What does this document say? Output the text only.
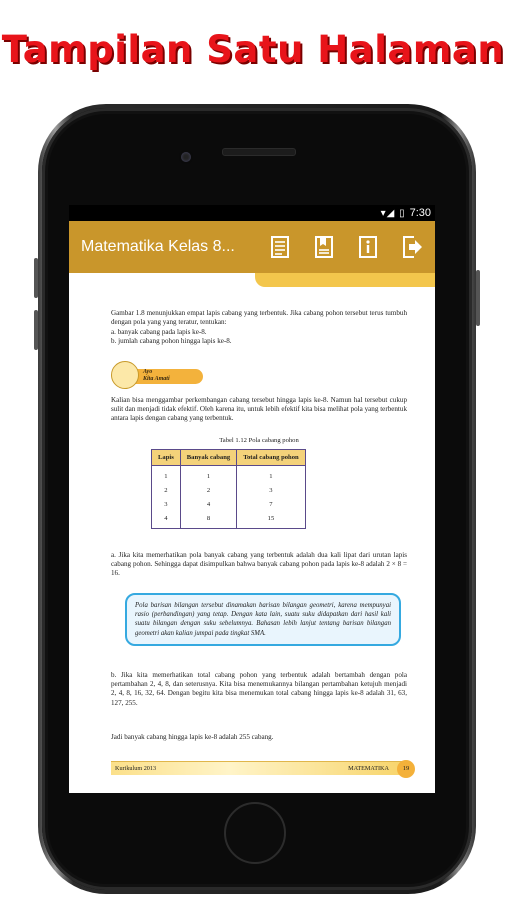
Tampilan Satu Halaman
▾◢ ▯ 7:30
Matematika Kelas 8...
Gambar 1.8 menunjukkan empat lapis cabang yang terbentuk. Jika cabang pohon tersebut terus tumbuh dengan pola yang yang teratur, tentukan:
a. banyak cabang pada lapis ke-8.
b. jumlah cabang pohon hingga lapis ke-8.
Ayo
Kita Amati
Kalian bisa menggambar perkembangan cabang tersebut hingga lapis ke-8. Namun hal tersebut cukup sulit dan menjadi tidak efektif. Oleh karena itu, untuk lebih efektif kita bisa melihat pola yang terbentuk antara lapis dengan cabang yang terbentuk.
Tabel 1.12 Pola cabang pohon
Lapis	Banyak cabang	Total cabang pohon
1	1	1
2	2	3
3	4	7
4	8	15
a. Jika kita memerhatikan pola banyak cabang yang terbentuk adalah dua kali lipat dari urutan lapis cabang pohon. Sehingga dapat disimpulkan bahwa banyak cabang pohon pada lapis ke-8 adalah 2 × 8 = 16.
Pola barisan bilangan tersebut dinamakan barisan bilangan geometri, karena mempunyai rasio (perbandingan) yang tetap. Dengan kata lain, suatu suku didapatkan dari hasil kali suatu bilangan dengan suku sebelumnya. Bahasan lebih lanjut tentang barisan bilangan geometri akan kalian jumpai pada tingkat SMA.
b. Jika kita memerhatikan total cabang pohon yang terbentuk adalah bertambah dengan pola pertambahan 2, 4, 8, dan seterusnya. Kita bisa menemukannya bilangan pertambahan ketujuh menjadi 2, 4, 8, 16, 32, 64. Dengan begitu kita bisa menemukan total cabang hingga lapis ke-8 adalah 31, 63, 127, 255.
Jadi banyak cabang hingga lapis ke-8 adalah 255 cabang.
Kurikulum 2013	MATEMATIKA	19
